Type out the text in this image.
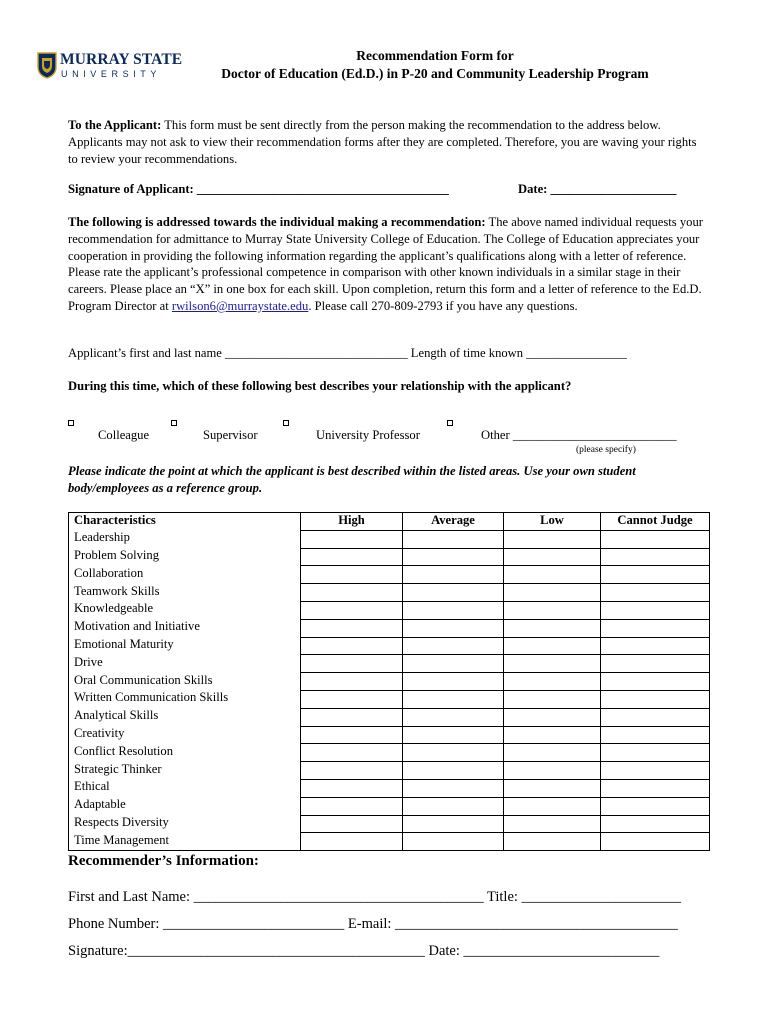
MURRAY STATE
UNIVERSITY
Recommendation Form for
Doctor of Education (Ed.D.) in P-20 and Community Leadership Program
To the Applicant: This form must be sent directly from the person making the recommendation to the address below. Applicants may not ask to view their recommendation forms after they are completed. Therefore, you are waving your rights to review your recommendations.
Signature of Applicant: ________________________________________	Date: ____________________
The following is addressed towards the individual making a recommendation: The above named individual requests your recommendation for admittance to Murray State University College of Education. The College of Education appreciates your cooperation in providing the following information regarding the applicant’s qualifications along with a letter of reference. Please rate the applicant’s professional competence in comparison with other known individuals in a similar stage in their careers. Please place an “X” in one box for each skill. Upon completion, return this form and a letter of reference to the Ed.D. Program Director at rwilson6@murraystate.edu. Please call 270-809-2793 if you have any questions.
Applicant’s first and last name _____________________________ Length of time known ________________
During this time, which of these following best describes your relationship with the applicant?
Colleague	Supervisor	University Professor	Other __________________________
(please specify)
Please indicate the point at which the applicant is best described within the listed areas. Use your own student body/employees as a reference group.
Characteristics	High	Average	Low	Cannot Judge
Leadership				
Problem Solving				
Collaboration				
Teamwork Skills				
Knowledgeable				
Motivation and Initiative				
Emotional Maturity				
Drive				
Oral Communication Skills				
Written Communication Skills				
Analytical Skills				
Creativity				
Conflict Resolution				
Strategic Thinker				
Ethical				
Adaptable				
Respects Diversity				
Time Management				
Recommender’s Information:
First and Last Name: ________________________________________ Title: ______________________
Phone Number: _________________________ E-mail: _______________________________________
Signature:_________________________________________ Date: ___________________________
